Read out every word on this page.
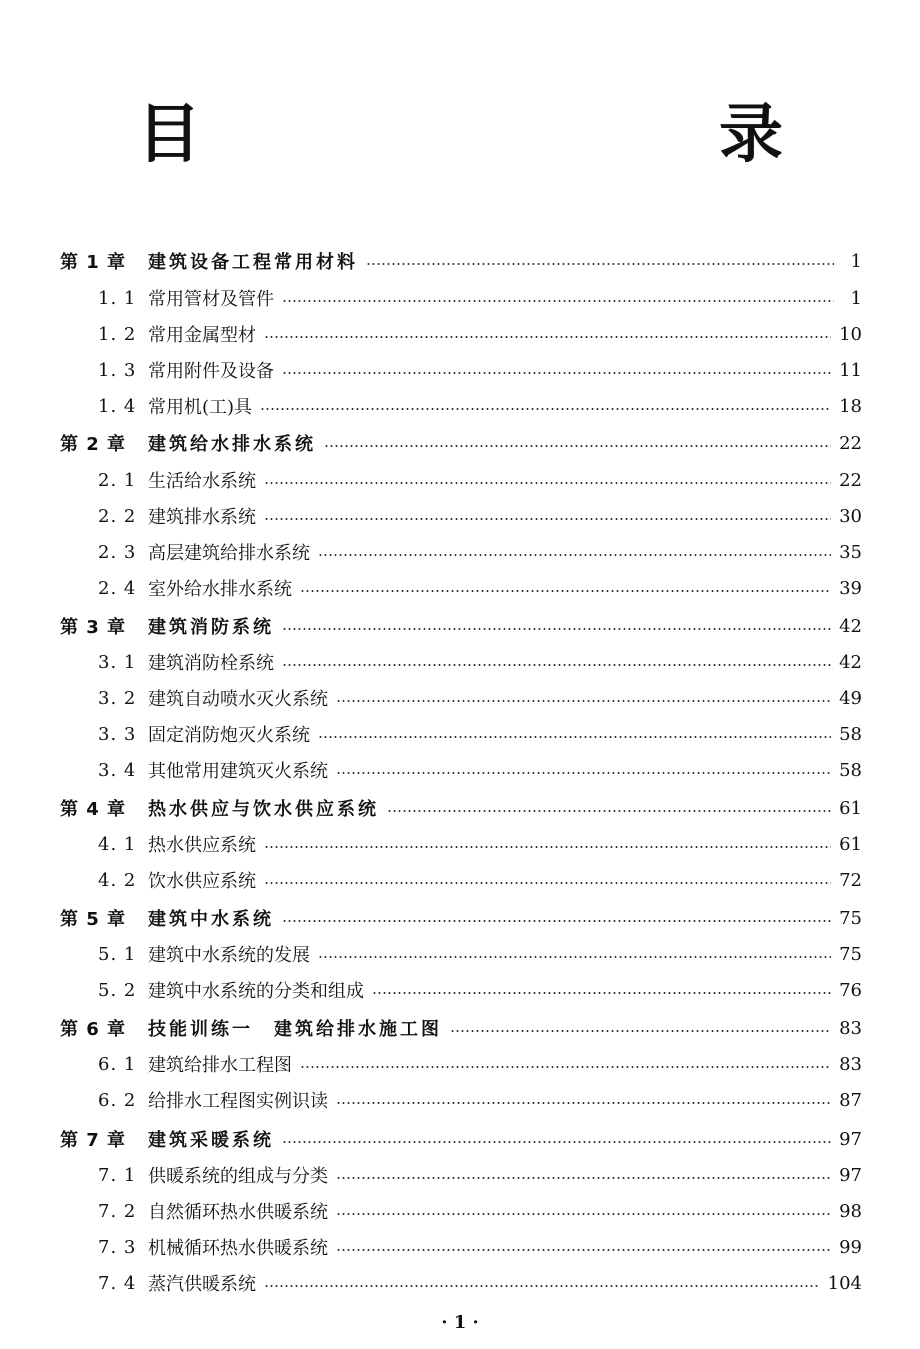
目　　录
第 1 章	建筑设备工程常用材料	1
1. 1 常用管材及管件	1
1. 2 常用金属型材	10
1. 3 常用附件及设备	11
1. 4 常用机(工)具	18
第 2 章	建筑给水排水系统	22
2. 1 生活给水系统	22
2. 2 建筑排水系统	30
2. 3 高层建筑给排水系统	35
2. 4 室外给水排水系统	39
第 3 章	建筑消防系统	42
3. 1 建筑消防栓系统	42
3. 2 建筑自动喷水灭火系统	49
3. 3 固定消防炮灭火系统	58
3. 4 其他常用建筑灭火系统	58
第 4 章	热水供应与饮水供应系统	61
4. 1 热水供应系统	61
4. 2 饮水供应系统	72
第 5 章	建筑中水系统	75
5. 1 建筑中水系统的发展	75
5. 2 建筑中水系统的分类和组成	76
第 6 章	技能训练一　建筑给排水施工图	83
6. 1 建筑给排水工程图	83
6. 2 给排水工程图实例识读	87
第 7 章	建筑采暖系统	97
7. 1 供暖系统的组成与分类	97
7. 2 自然循环热水供暖系统	98
7. 3 机械循环热水供暖系统	99
7. 4 蒸汽供暖系统	104
· 1 ·
